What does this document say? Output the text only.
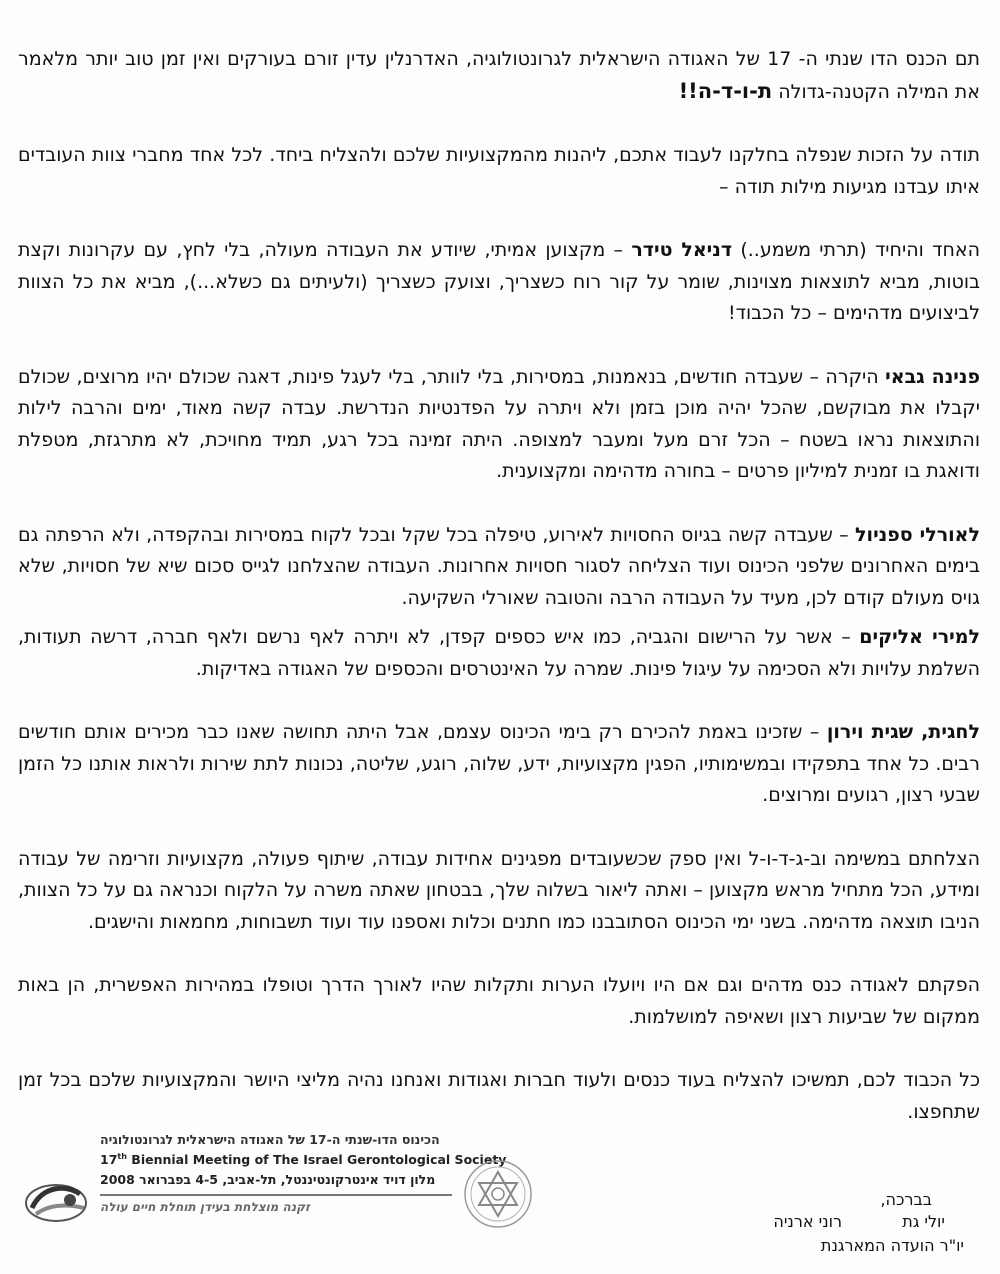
תם הכנס הדו שנתי ה- 17 של האגודה הישראלית לגרונטולוגיה, האדרנלין עדין זורם בעורקים ואין זמן טוב יותר מלאמר את המילה הקטנה-גדולה ת-ו-ד-ה!!

תודה על הזכות שנפלה בחלקנו לעבוד אתכם, ליהנות מהמקצועיות שלכם ולהצליח ביחד. לכל אחד מחברי צוות העובדים איתו עבדנו מגיעות מילות תודה –

האחד והיחיד (תרתי משמע..) דניאל טידר – מקצוען אמיתי, שיודע את העבודה מעולה, בלי לחץ, עם עקרונות וקצת בוטות, מביא לתוצאות מצוינות, שומר על קור רוח כשצריך, וצועק כשצריך (ולעיתים גם כשלא...), מביא את כל הצוות לביצועים מדהימים – כל הכבוד!

פנינה גבאי היקרה – שעבדה חודשים, בנאמנות, במסירות, בלי לוותר, בלי לעגל פינות, דאגה שכולם יהיו מרוצים, שכולם יקבלו את מבוקשם, שהכל יהיה מוכן בזמן ולא ויתרה על הפדנטיות הנדרשת. עבדה קשה מאוד, ימים והרבה לילות והתוצאות נראו בשטח – הכל זרם מעל ומעבר למצופה. היתה זמינה בכל רגע, תמיד מחויכת, לא מתרגזת, מטפלת ודואגת בו זמנית למיליון פרטים – בחורה מדהימה ומקצוענית.

לאורלי ספניול – שעבדה קשה בגיוס החסויות לאירוע, טיפלה בכל שקל ובכל לקוח במסירות ובהקפדה, ולא הרפתה גם בימים האחרונים שלפני הכינוס ועוד הצליחה לסגור חסויות אחרונות. העבודה שהצלחנו לגייס סכום שיא של חסויות, שלא גויס מעולם קודם לכן, מעיד על העבודה הרבה והטובה שאורלי השקיעה.

למירי אליקים – אשר על הרישום והגביה, כמו איש כספים קפדן, לא ויתרה לאף נרשם ולאף חברה, דרשה תעודות, השלמת עלויות ולא הסכימה על עיגול פינות. שמרה על האינטרסים והכספים של האגודה באדיקות.

לחגית, שגית וירון – שזכינו באמת להכירם רק בימי הכינוס עצמם, אבל היתה תחושה שאנו כבר מכירים אותם חודשים רבים. כל אחד בתפקידו ובמשימותיו, הפגין מקצועיות, ידע, שלוה, רוגע, שליטה, נכונות לתת שירות ולראות אותנו כל הזמן שבעי רצון, רגועים ומרוצים.

הצלחתם במשימה וב-ג-ד-ו-ל ואין ספק שכשעובדים מפגינים אחידות עבודה, שיתוף פעולה, מקצועיות וזרימה של עבודה ומידע, הכל מתחיל מראש מקצוען – ואתה ליאור בשלוה שלך, בבטחון שאתה משרה על הלקוח וכנראה גם על כל הצוות, הניבו תוצאה מדהימה. בשני ימי הכינוס הסתובבנו כמו חתנים וכלות ואספנו עוד ועוד תשבוחות, מחמאות והישגים.

הפקתם לאגודה כנס מדהים וגם אם היו ויועלו הערות ותקלות שהיו לאורך הדרך וטופלו במהירות האפשרית, הן באות ממקום של שביעות רצון ושאיפה למושלמות.

כל הכבוד לכם, תמשיכו להצליח בעוד כנסים ולעוד חברות ואגודות ואנחנו נהיה מליצי היושר והמקצועיות שלכם בכל זמן שתחפצו.

הכינוס הדו-שנתי ה-17 של האגודה הישראלית לגרונטולוגיה
17th Biennial Meeting of The Israel Gerontological Society
מלון דויד אינטרקונטיננטל, תל-אביב, 4-5 בפברואר 2008
זקנה מוצלחת בעידן תוחלת חיים עולה	בברכה,
יולי גת
רוני ארניה
יו"ר הועדה המארגנת
